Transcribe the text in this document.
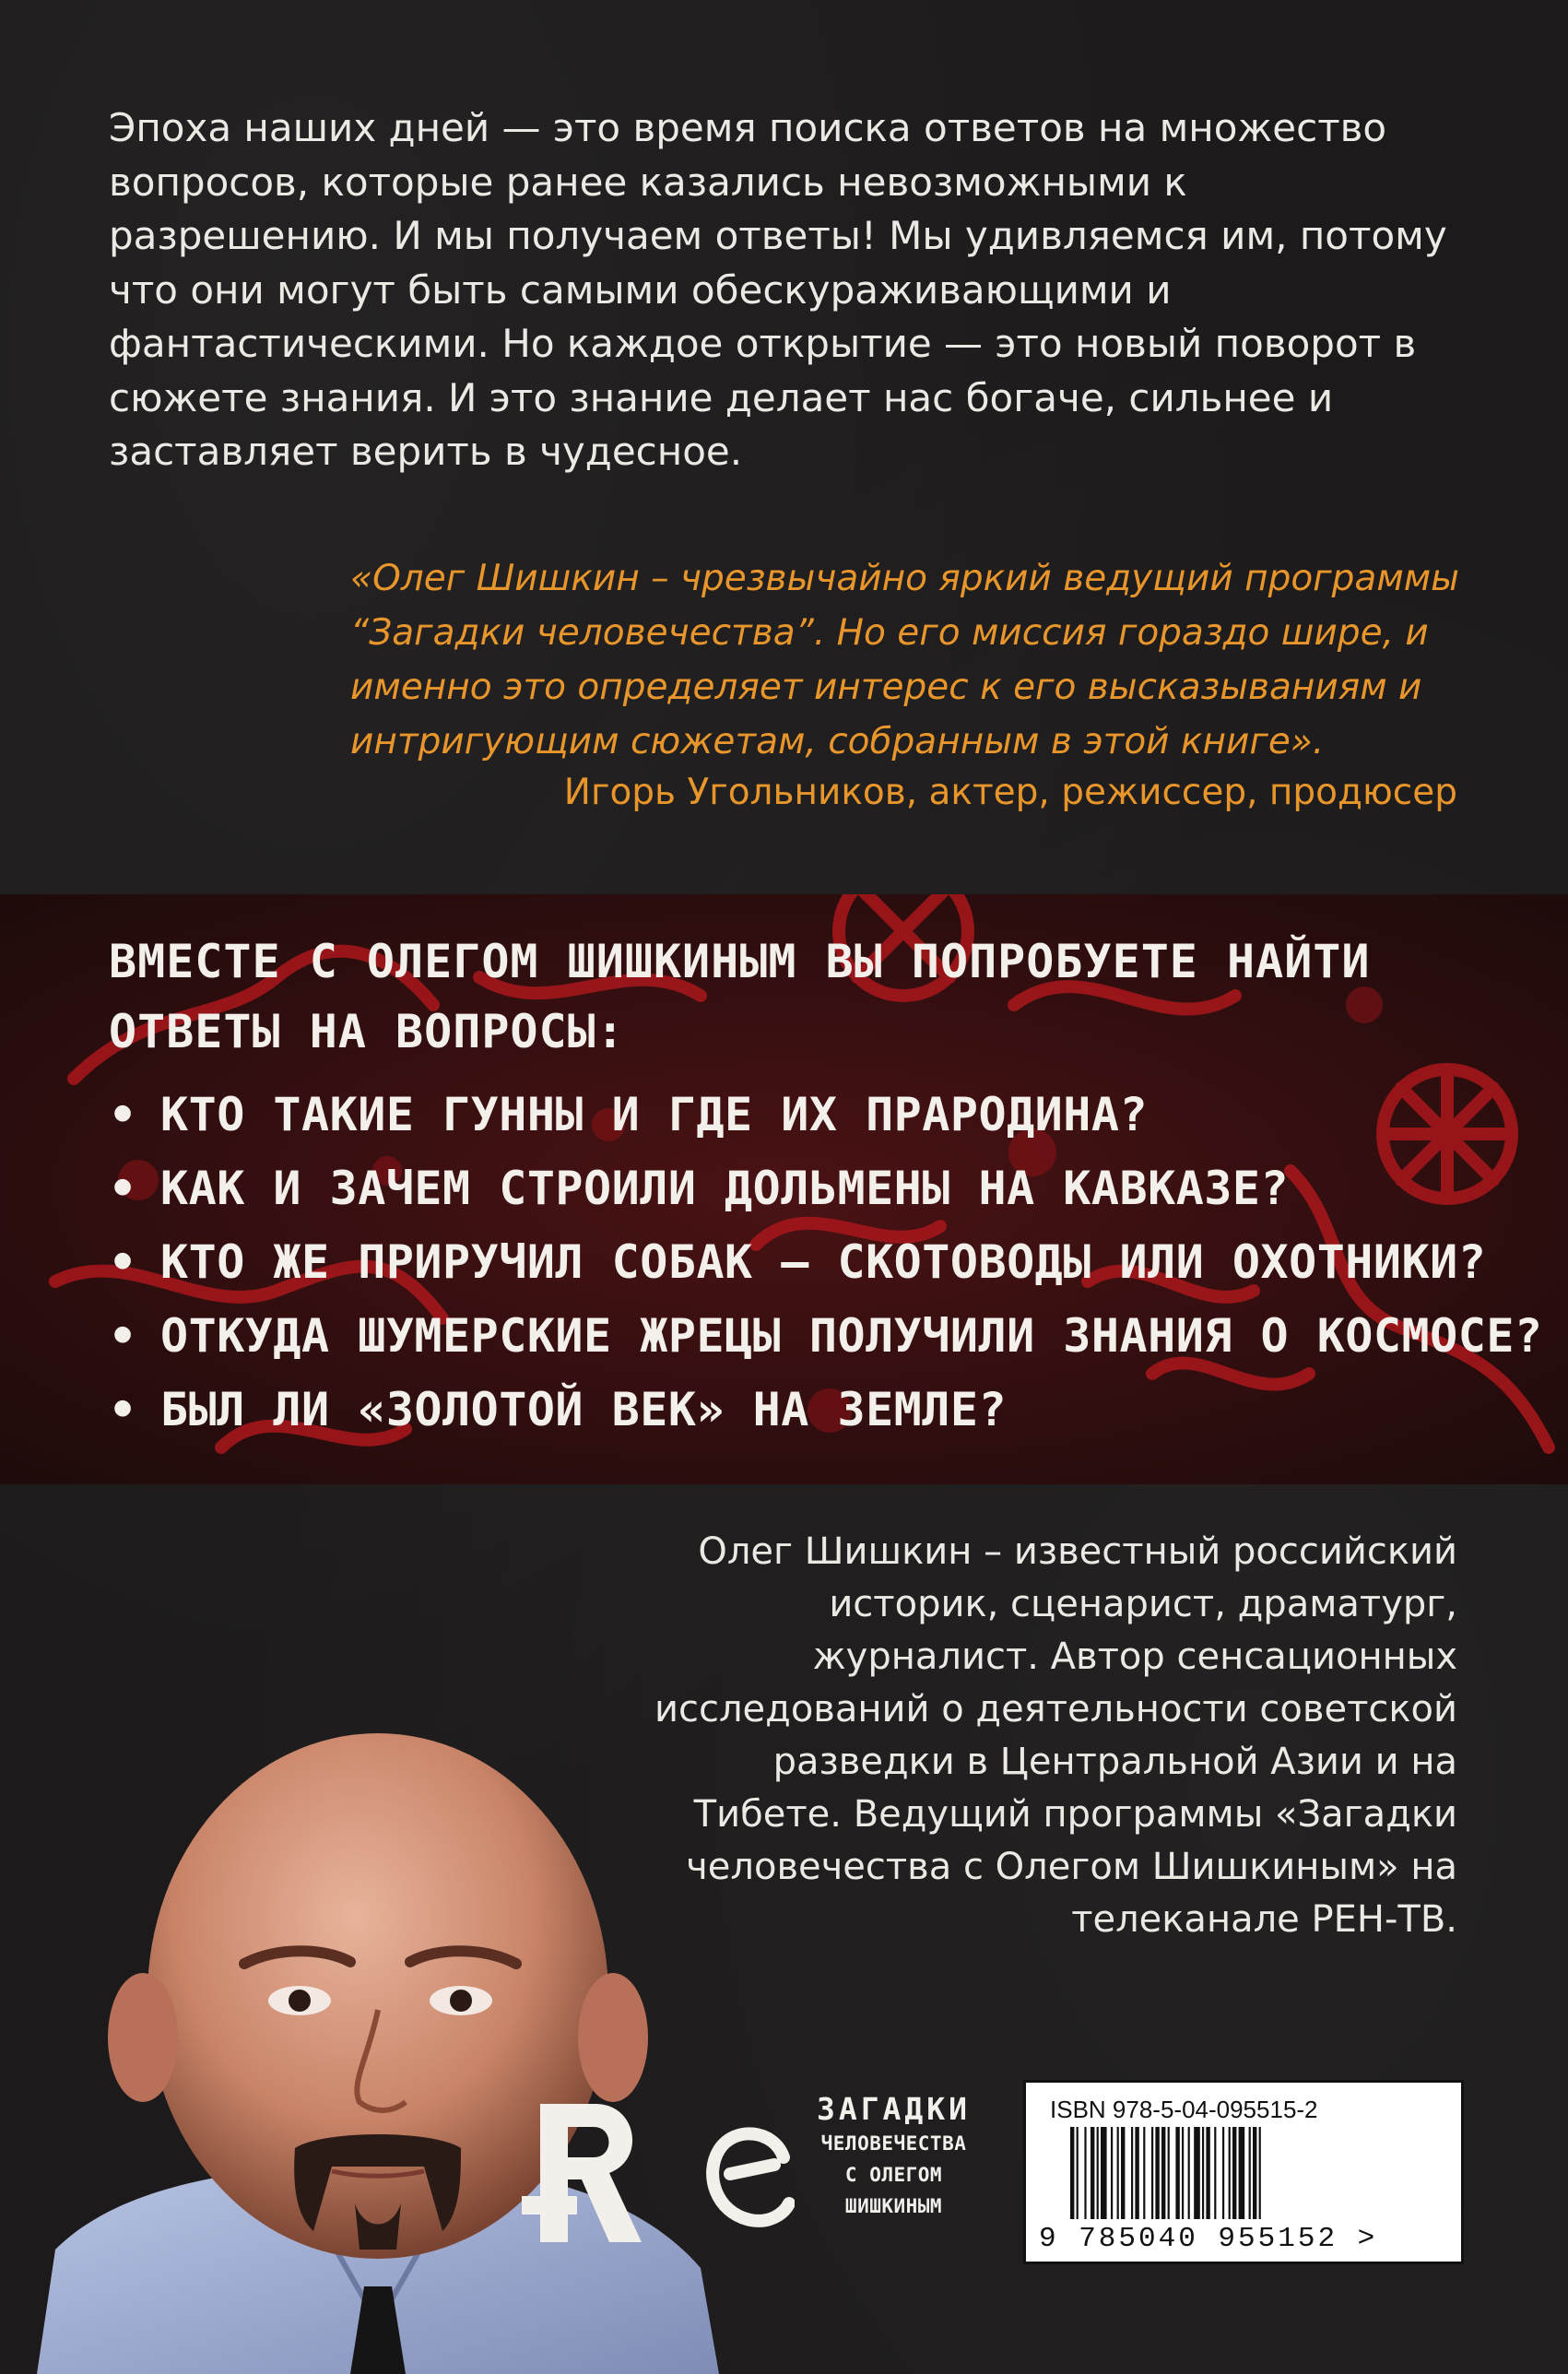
Эпоха наших дней — это время поиска ответов на множество вопросов, которые ранее казались невозможными к разрешению. И мы получаем ответы! Мы удивляемся им, потому что они могут быть самыми обескураживающими и фантастическими. Но каждое открытие — это новый поворот в сюжете знания. И это знание делает нас богаче, сильнее и заставляет верить в чудесное.

«Олег Шишкин – чрезвычайно яркий ведущий программы “Загадки человечества”. Но его миссия гораздо шире, и именно это определяет интерес к его высказываниям и интригующим сюжетам, собранным в этой книге».

Игорь Угольников, актер, режиссер, продюсер
ВМЕСТЕ С ОЛЕГОМ ШИШКИНЫМ ВЫ ПОПРОБУЕТЕ НАЙТИ ОТВЕТЫ НА ВОПРОСЫ:
• КТО ТАКИЕ ГУННЫ И ГДЕ ИХ ПРАРОДИНА?
• КАК И ЗАЧЕМ СТРОИЛИ ДОЛЬМЕНЫ НА КАВКАЗЕ?
• КТО ЖЕ ПРИРУЧИЛ СОБАК – СКОТОВОДЫ ИЛИ ОХОТНИКИ?
• ОТКУДА ШУМЕРСКИЕ ЖРЕЦЫ ПОЛУЧИЛИ ЗНАНИЯ О КОСМОСЕ?
• БЫЛ ЛИ «ЗОЛОТОЙ ВЕК» НА ЗЕМЛЕ?

Олег Шишкин – известный российский историк, сценарист, драматург, журналист. Автор сенсационных исследований о деятельности советской разведки в Центральной Азии и на Тибете. Ведущий программы «Загадки человечества с Олегом Шишкиным» на телеканале РЕН-ТВ.

ЗАГАДКИ
ЧЕЛОВЕЧЕСТВА
С ОЛЕГОМ
ШИШКИНЫМ
ISBN 978-5-04-095515-2
9 785040 955152 >
